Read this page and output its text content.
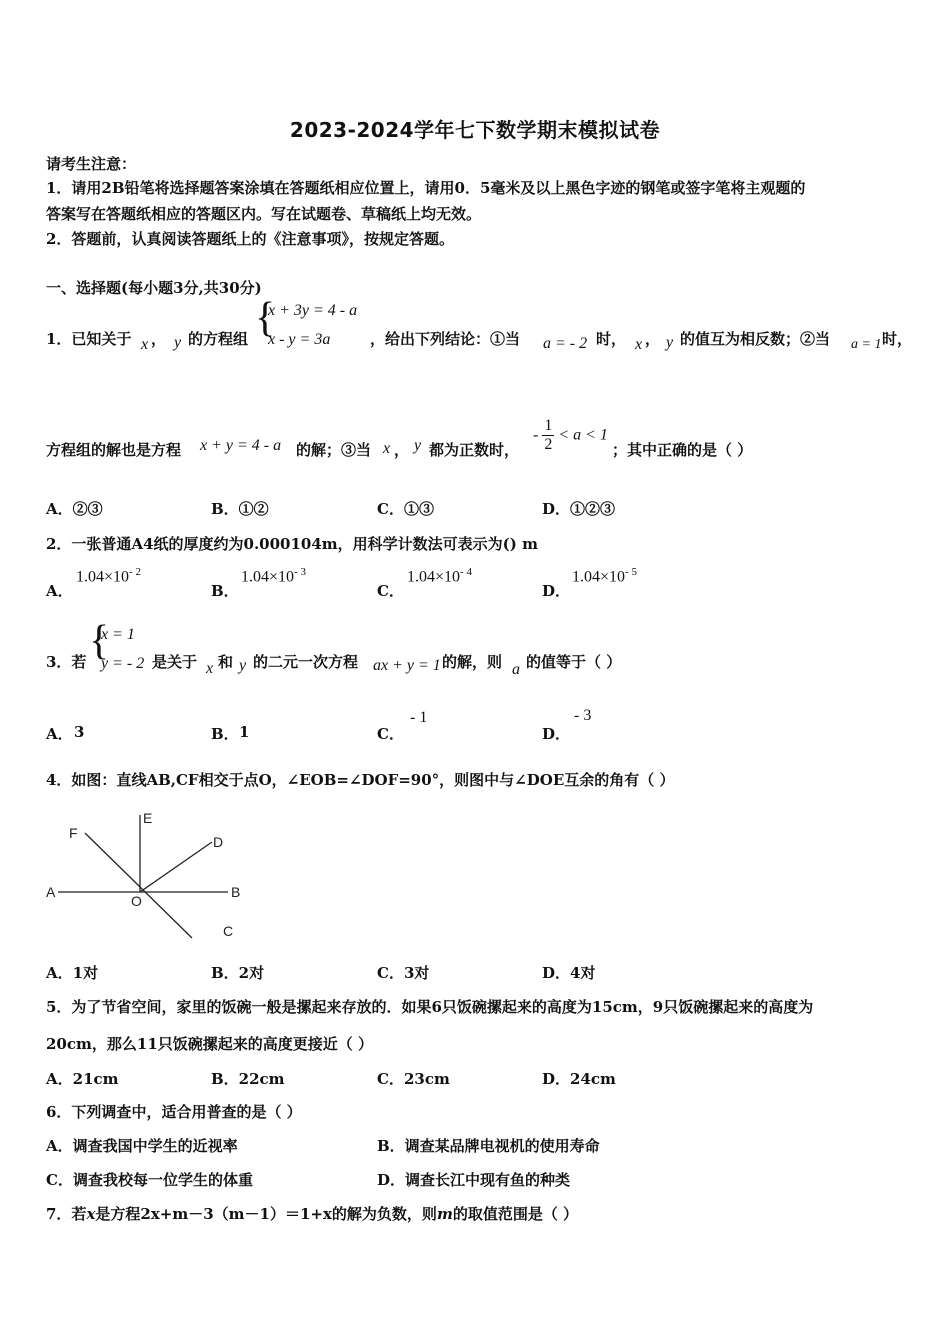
2023-2024学年七下数学期末模拟试卷
请考生注意：
1．请用2B铅笔将选择题答案涂填在答题纸相应位置上，请用0．5毫米及以上黑色字迹的钢笔或签字笔将主观题的
答案写在答题纸相应的答题区内。写在试题卷、草稿纸上均无效。
2．答题前，认真阅读答题纸上的《注意事项》，按规定答题。
一、选择题(每小题3分,共30分)
1．已知关于 x ， y 的方程组 {
x + 3y = 4 - a
x - y = 3a	，给出下列结论：①当 a = - 2 时， x ， y 的值互为相反数；②当 a = 1 时，
方程组的解也是方程 x + y = 4 - a 的解；③当 x ， y 都为正数时，
- $\frac{1}{2} < a < 1$
；其中正确的是（ ）
A．②③	B．①②	C．①③	D．①②③
2．一张普通A4纸的厚度约为0.000104m，用科学计数法可表示为() m
A．
$1.04\times 10^{- 2}$
B．
$1.04\times 10^{- 3}$
C．
$1.04\times 10^{- 4}$
D．
$1.04\times 10^{- 5}$
3．若 {
x = 1
y = - 2 是关于 x 和 y 的二元一次方程 ax + y = 1 的解，则 a 的值等于（ ）
A． 3	B． 1	C．
- 1
D．
- 3
4．如图：直线AB,CF相交于点O，∠EOB=∠DOF=90°，则图中与∠DOE互余的角有（ ）
A	B
C
D
E
F
O
A．1对	B．2对	C．3对	D．4对
5．为了节省空间，家里的饭碗一般是摞起来存放的．如果6只饭碗摞起来的高度为15cm，9只饭碗摞起来的高度为
20cm，那么11只饭碗摞起来的高度更接近（ ）
A．21cm	B．22cm	C．23cm	D．24cm
6．下列调查中，适合用普查的是（ ）
A．调查我国中学生的近视率	B．调查某品牌电视机的使用寿命
C．调查我校每一位学生的体重	D．调查长江中现有鱼的种类
7．若x是方程2x+m－3（m－1）＝1+x的解为负数，则m的取值范围是（ ）
